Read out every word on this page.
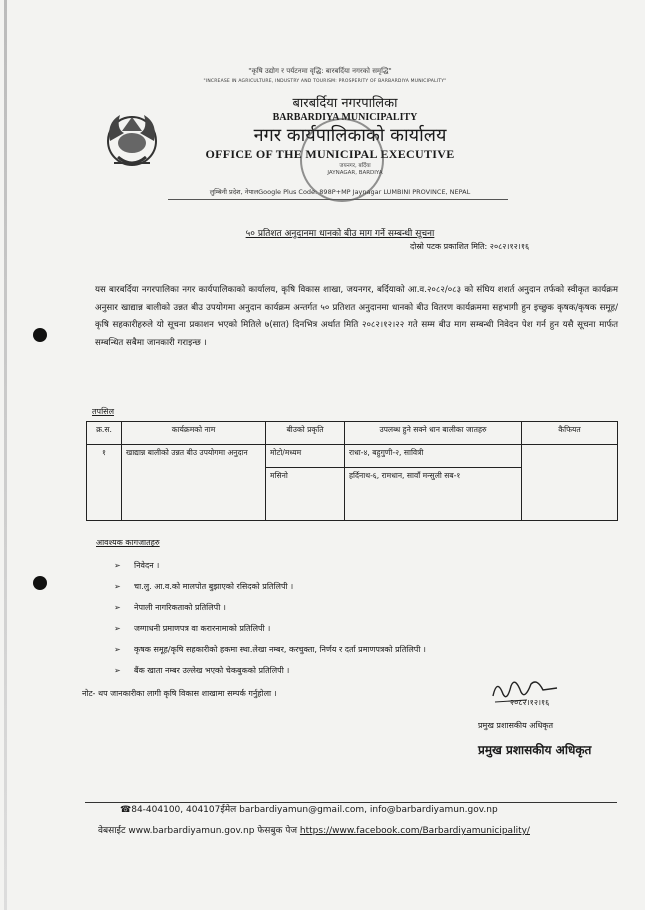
"कृषि उद्योग र पर्यटनमा वृद्धि: बारबर्दिया नगरको समृद्धि"
"INCREASE IN AGRICULTURE, INDUSTRY AND TOURISM: PROSPERITY OF BARBARDIYA MUNICIPALITY"
बारबर्दिया नगरपालिका
BARBARDIYA MUNICIPALITY
नगर कार्यपालिकाको कार्यालय
OFFICE OF THE MUNICIPAL EXECUTIVE
जयनगर, बर्दिया
JAYNAGAR, BARDIYA
लुम्बिनी प्रदेश, नेपालGoogle Plus Code: 898P+MP Jaynagar LUMBINI PROVINCE, NEPAL
५० प्रतिशत अनुदानमा धानको बीउ माग गर्ने सम्बन्धी सूचना
दोस्रो पटक प्रकाशित मिति: २०८२।१२।१६
यस बारबर्दिया नगरपालिका नगर कार्यपालिकाको कार्यालय, कृषि विकास शाखा, जयनगर, बर्दियाको आ.व.२०८२/०८३ को संघिय शशर्त अनुदान तर्फको स्वीकृत कार्यक्रम अनुसार खाद्यान्न बालीको उन्नत बीउ उपयोगमा अनुदान कार्यक्रम अन्तर्गत ५० प्रतिशत अनुदानमा धानको बीउ वितरण कार्यक्रममा सहभागी हुन इच्छुक कृषक/कृषक समूह/कृषि सहकारीहरुले यो सूचना प्रकाशन भएको मितिले ७(सात) दिनभित्र अर्थात मिति २०८२।१२।२२ गते सम्म बीउ माग सम्बन्धी निवेदन पेश गर्न हुन यसै सूचना मार्फत सम्बन्धित सबैमा जानकारी गराइन्छ ।
तपसिल
क्र.स.	कार्यक्रमको नाम	बीउको प्रकृति	उपलब्ध हुने सक्ने धान बालीका जातहरु	कैफियत
१	खाद्यान्न बालीको उन्नत बीउ उपयोगमा अनुदान	मोटो/मध्यम	राधा-४, बहुगुणी-२, सावित्री	
		मसिनो	हर्दिनाथ-६, रामधान, सावाँ मन्सुली सब-१	
आवश्यक कागजातहरु
➢ निवेदन ।
➢ चा.लु. आ.व.को मालपोत बुझाएको रसिदको प्रतिलिपी ।
➢ नेपाली नागरिकताको प्रतिलिपी ।
➢ जग्गाधनी प्रमाणपत्र वा करारनामाको प्रतिलिपी ।
➢ कृषक समूह/कृषि सहकारीको हकमा स्था.लेखा नम्बर, करचुक्ता, निर्णय र दर्ता प्रमाणपत्रको प्रतिलिपी ।
➢ बैंक खाता नम्बर उल्लेख भएको चेकबुकको प्रतिलिपी ।
नोट- थप जानकारीका लागी कृषि विकास शाखामा सम्पर्क गर्नुहोला ।
२०८२।१२।१६
प्रमुख प्रशासकीय अधिकृत
प्रमुख प्रशासकीय अधिकृत
☎84-404100, 404107ईमेल barbardiyamun@gmail.com, info@barbardiyamun.gov.np
वेबसाईट www.barbardiyamun.gov.np फेसबुक पेज https://www.facebook.com/Barbardiyamunicipality/
